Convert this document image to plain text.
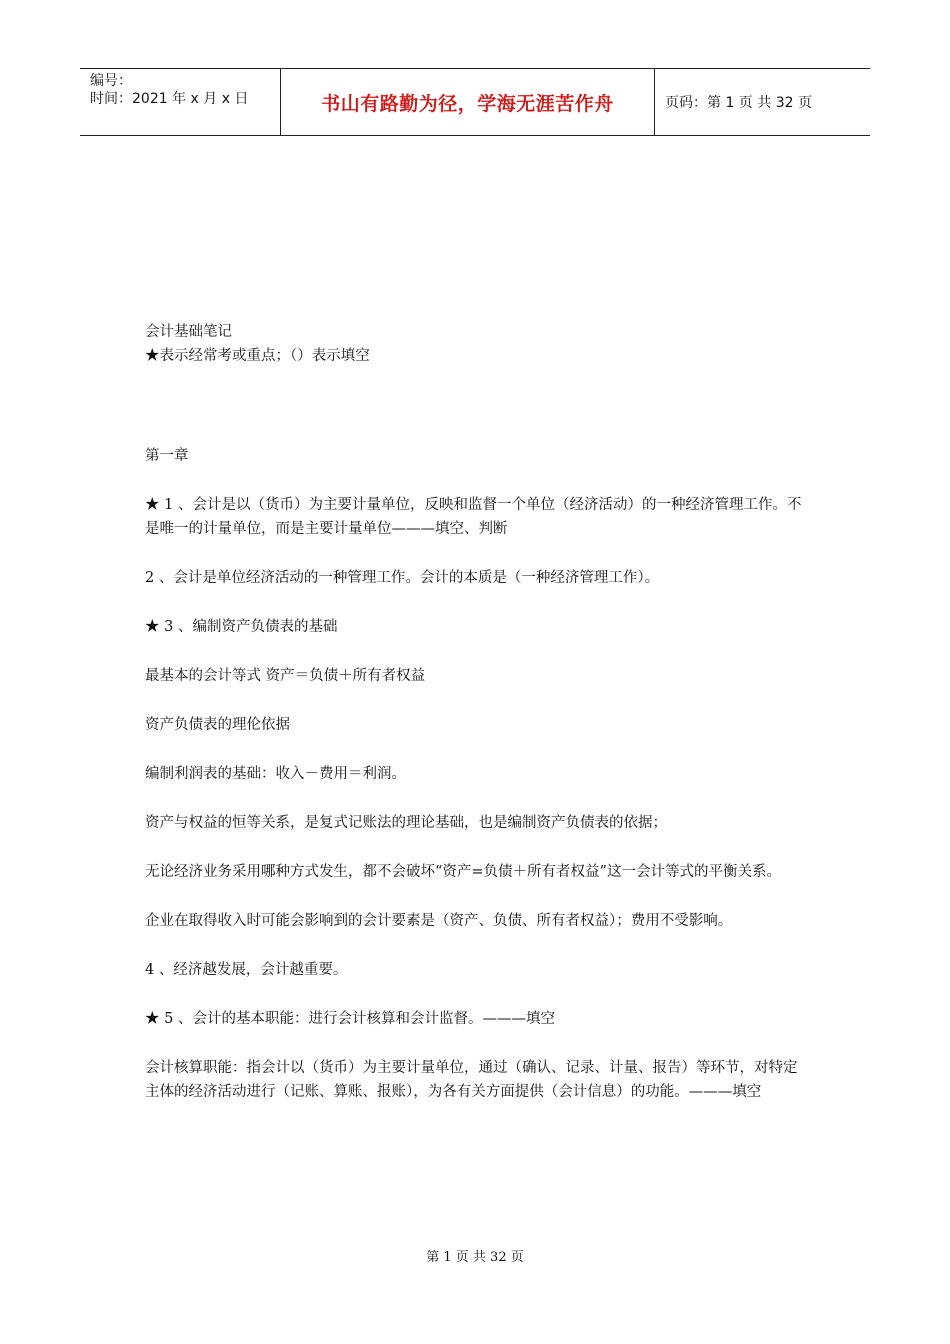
编号：
时间：2021 年 x 月 x 日	书山有路勤为径，学海无涯苦作舟	页码：第 1 页 共 32 页

会计基础笔记

★表示经常考或重点；（）表示填空

第一章

★ 1 、会计是以（货币）为主要计量单位，反映和监督一个单位（经济活动）的一种经济管理工作。不是唯一的计量单位，而是主要计量单位———填空、判断

2 、会计是单位经济活动的一种管理工作。会计的本质是（一种经济管理工作）。

★ 3 、编制资产负债表的基础

最基本的会计等式 资产＝负债＋所有者权益

资产负债表的理伦依据

编制利润表的基础：收入－费用＝利润。

资产与权益的恒等关系，是复式记账法的理论基础，也是编制资产负债表的依据；

无论经济业务采用哪种方式发生，都不会破坏“资产=负债＋所有者权益”这一会计等式的平衡关系。

企业在取得收入时可能会影响到的会计要素是（资产、负债、所有者权益）；费用不受影响。

4 、经济越发展，会计越重要。

★ 5 、会计的基本职能：进行会计核算和会计监督。———填空

会计核算职能：指会计以（货币）为主要计量单位，通过（确认、记录、计量、报告）等环节，对特定主体的经济活动进行（记账、算账、报账），为各有关方面提供（会计信息）的功能。———填空

第 1 页 共 32 页
